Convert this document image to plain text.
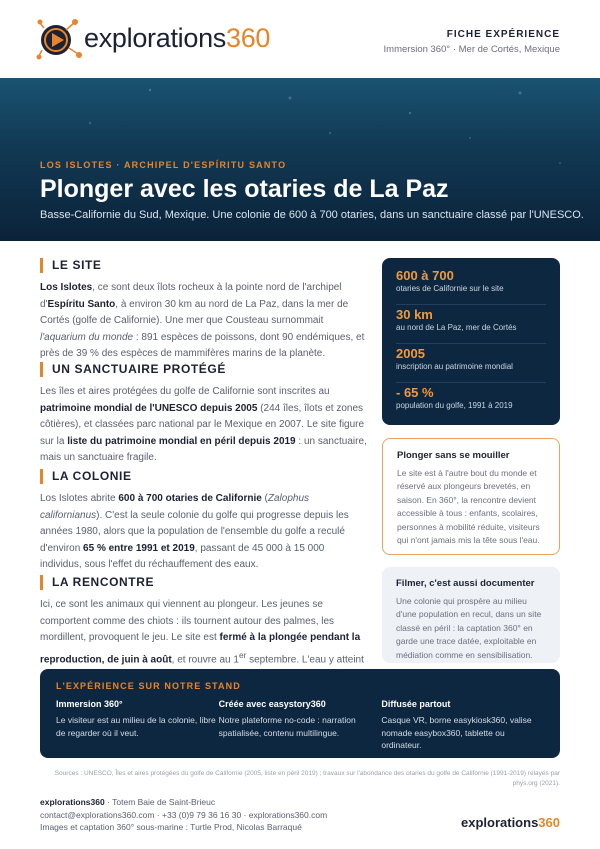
explorations360	FICHE EXPÉRIENCE
Immersion 360° · Mer de Cortés, Mexique
LOS ISLOTES · ARCHIPEL D'ESPÍRITU SANTO
Plonger avec les otaries de La Paz
Basse-Californie du Sud, Mexique. Une colonie de 600 à 700 otaries, dans un sanctuaire classé par l'UNESCO.
LE SITE
Los Islotes, ce sont deux îlots rocheux à la pointe nord de l'archipel d'Espíritu Santo, à environ 30 km au nord de La Paz, dans la mer de Cortés (golfe de Californie). Une mer que Cousteau surnommait l'aquarium du monde : 891 espèces de poissons, dont 90 endémiques, et près de 39 % des espèces de mammifères marins de la planète.
UN SANCTUAIRE PROTÉGÉ
Les îles et aires protégées du golfe de Californie sont inscrites au patrimoine mondial de l'UNESCO depuis 2005 (244 îles, îlots et zones côtières), et classées parc national par le Mexique en 2007. Le site figure sur la liste du patrimoine mondial en péril depuis 2019 : un sanctuaire, mais un sanctuaire fragile.
LA COLONIE
Los Islotes abrite 600 à 700 otaries de Californie (Zalophus californianus). C'est la seule colonie du golfe qui progresse depuis les années 1980, alors que la population de l'ensemble du golfe a reculé d'environ 65 % entre 1991 et 2019, passant de 45 000 à 15 000 individus, sous l'effet du réchauffement des eaux.
LA RENCONTRE
Ici, ce sont les animaux qui viennent au plongeur. Les jeunes se comportent comme des chiots : ils tournent autour des palmes, les mordillent, provoquent le jeu. Le site est fermé à la plongée pendant la reproduction, de juin à août, et rouvre au 1er septembre. L'eau y atteint
600 à 700
otaries de Californie sur le site
30 km
au nord de La Paz, mer de Cortés
2005
inscription au patrimoine mondial
- 65 %
population du golfe, 1991 à 2019
Plonger sans se mouiller
Le site est à l'autre bout du monde et réservé aux plongeurs brevetés, en saison. En 360°, la rencontre devient accessible à tous : enfants, scolaires, personnes à mobilité réduite, visiteurs qui n'ont jamais mis la tête sous l'eau.
Filmer, c'est aussi documenter
Une colonie qui prospère au milieu d'une population en recul, dans un site classé en péril : la captation 360° en garde une trace datée, exploitable en médiation comme en sensibilisation.
L'EXPÉRIENCE SUR NOTRE STAND
Immersion 360°
Le visiteur est au milieu de la colonie, libre de regarder où il veut.
Créée avec easystory360
Notre plateforme no-code : narration spatialisée, contenu multilingue.
Diffusée partout
Casque VR, borne easykiosk360, valise nomade easybox360, tablette ou ordinateur.
Sources : UNESCO, Îles et aires protégées du golfe de Californie (2005, liste en péril 2019) ; travaux sur l'abondance des otaries du golfe de Californie (1991-2019) relayés par phys.org (2021).
explorations360 · Totem Baie de Saint-Brieuc
contact@explorations360.com · +33 (0)9 79 36 16 30 · explorations360.com
Images et captation 360° sous-marine : Turtle Prod, Nicolas Barraqué	explorations360
